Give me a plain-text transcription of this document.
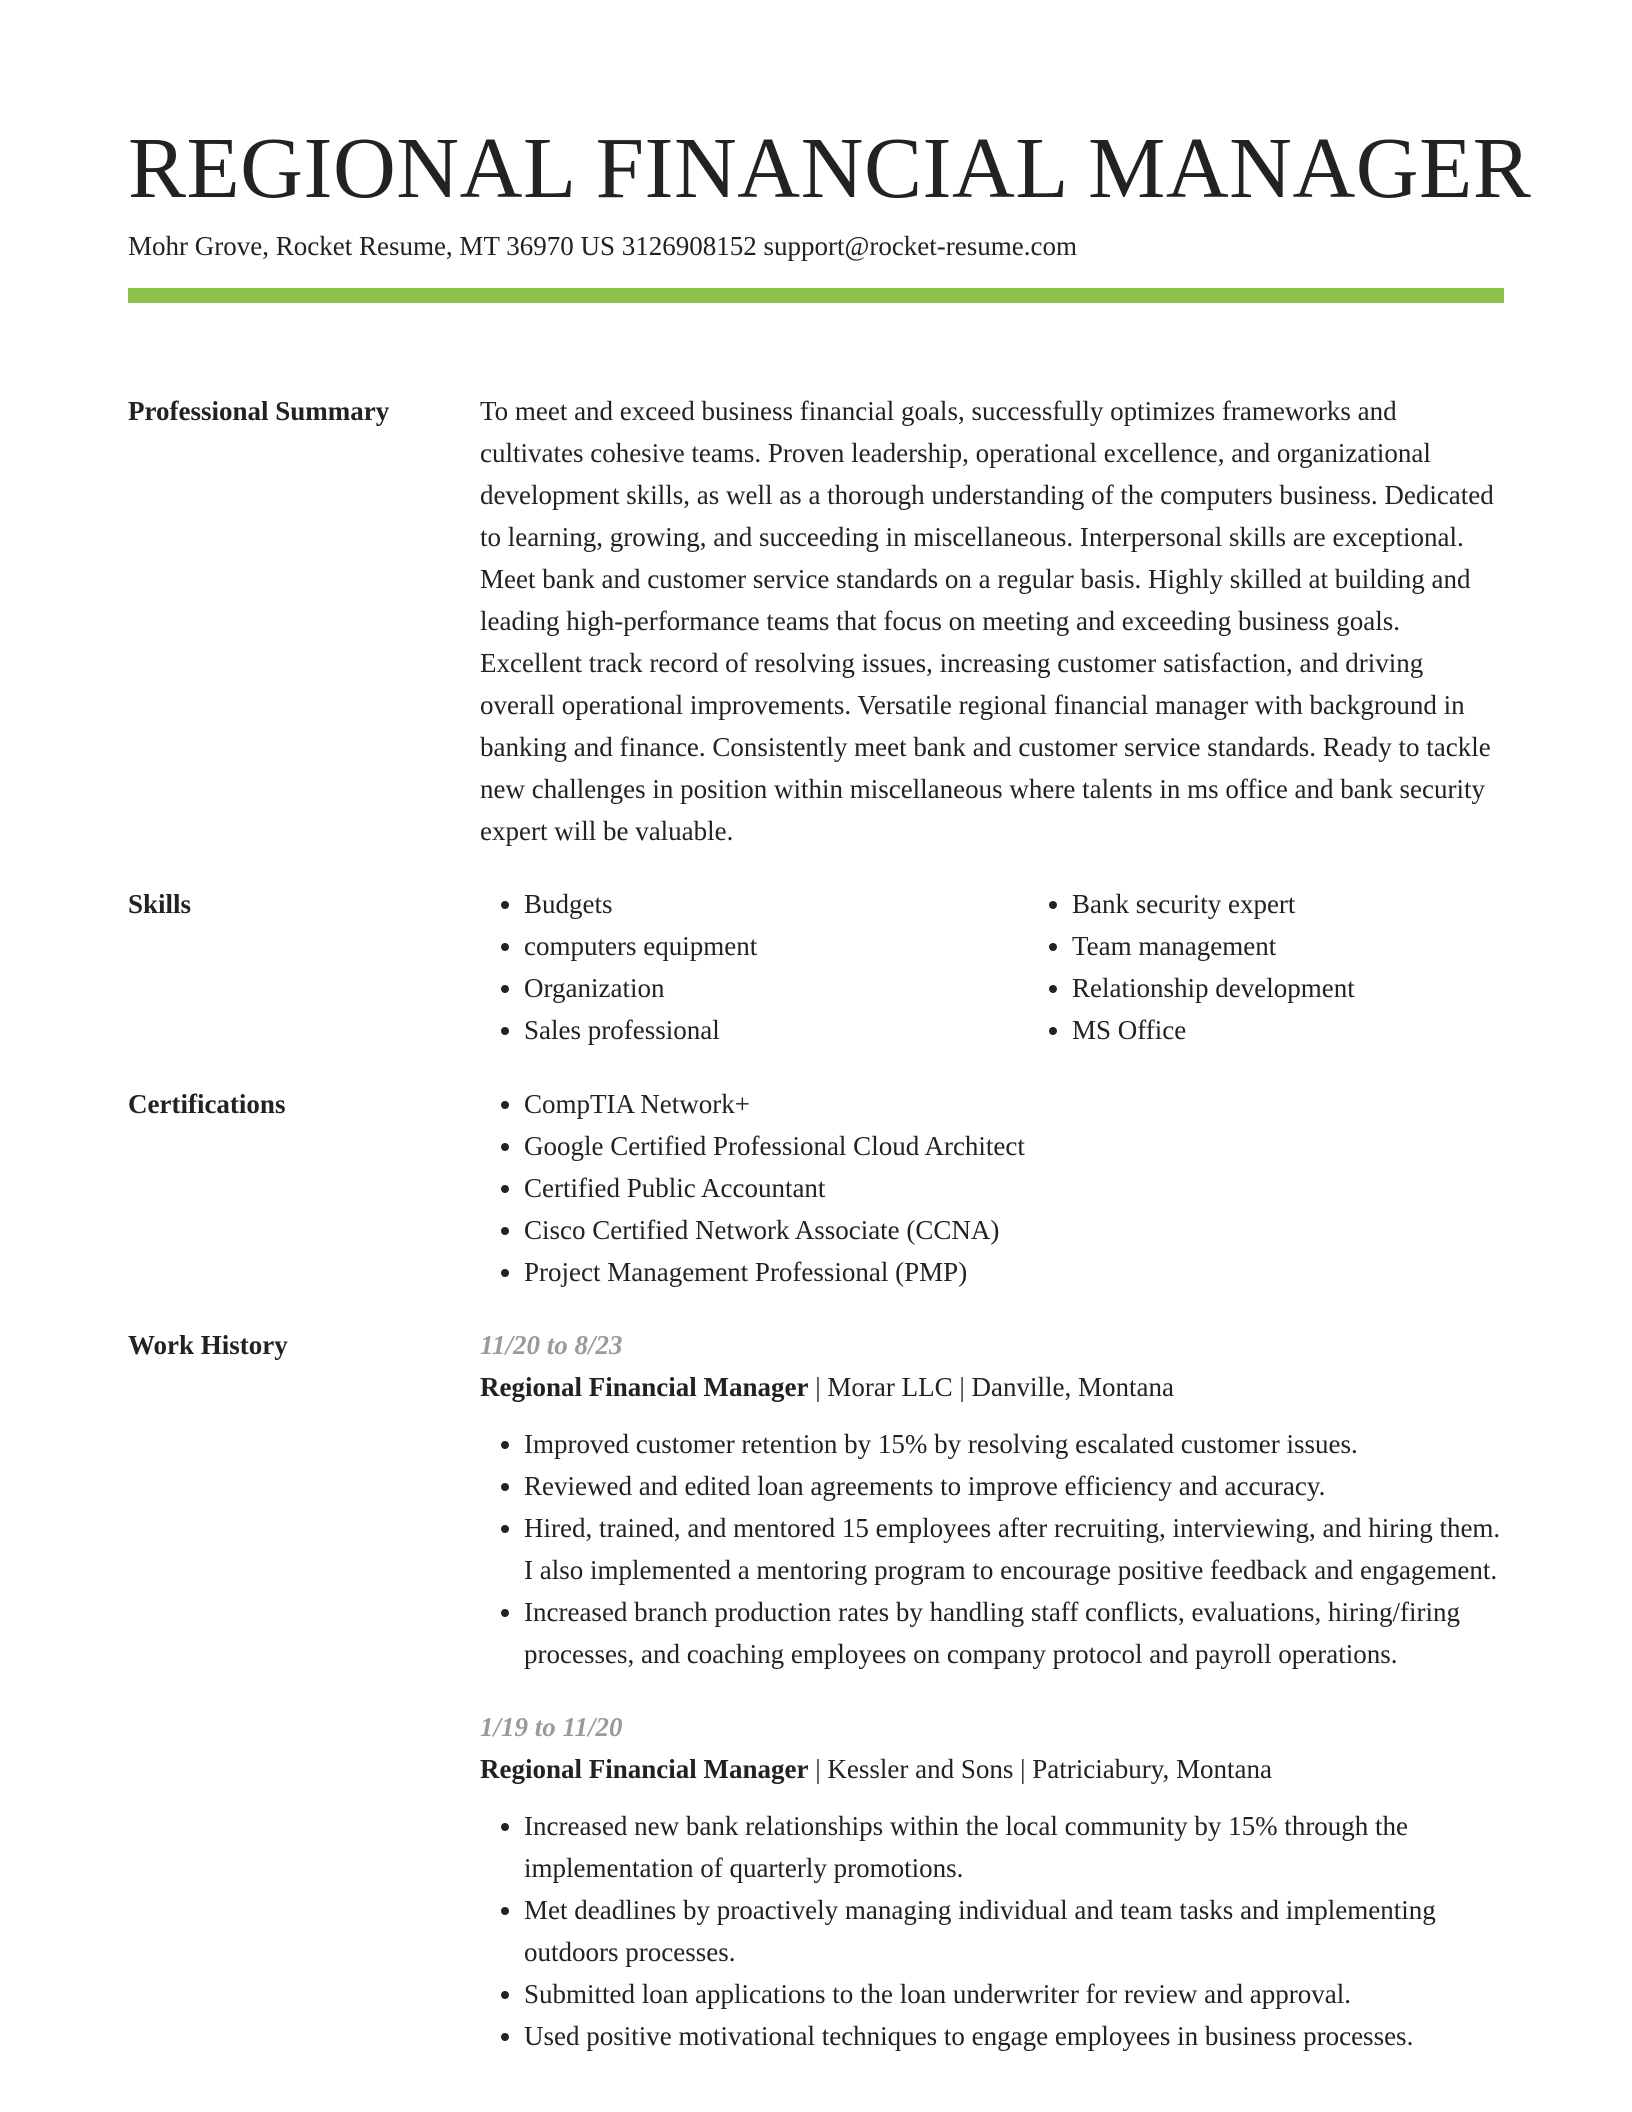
REGIONAL FINANCIAL MANAGER
Mohr Grove, Rocket Resume, MT 36970 US 3126908152 support@rocket-resume.com
Professional Summary	To meet and exceed business financial goals, successfully optimizes frameworks and cultivates cohesive teams. Proven leadership, operational excellence, and organizational development skills, as well as a thorough understanding of the computers business. Dedicated to learning, growing, and succeeding in miscellaneous. Interpersonal skills are exceptional. Meet bank and customer service standards on a regular basis. Highly skilled at building and leading high-performance teams that focus on meeting and exceeding business goals. Excellent track record of resolving issues, increasing customer satisfaction, and driving overall operational improvements. Versatile regional financial manager with background in banking and finance. Consistently meet bank and customer service standards. Ready to tackle new challenges in position within miscellaneous where talents in ms office and bank security expert will be valuable.

Skills	• Budgets
• computers equipment
• Organization
• Sales professional
• Bank security expert
• Team management
• Relationship development
• MS Office
Certifications	• CompTIA Network+
• Google Certified Professional Cloud Architect
• Certified Public Accountant
• Cisco Certified Network Associate (CCNA)
• Project Management Professional (PMP)
Work History	11/20 to 8/23
Regional Financial Manager | Morar LLC | Danville, Montana
• Improved customer retention by 15% by resolving escalated customer issues.
• Reviewed and edited loan agreements to improve efficiency and accuracy.
• Hired, trained, and mentored 15 employees after recruiting, interviewing, and hiring them. I also implemented a mentoring program to encourage positive feedback and engagement.
• Increased branch production rates by handling staff conflicts, evaluations, hiring/firing processes, and coaching employees on company protocol and payroll operations.
1/19 to 11/20
Regional Financial Manager | Kessler and Sons | Patriciabury, Montana
• Increased new bank relationships within the local community by 15% through the implementation of quarterly promotions.
• Met deadlines by proactively managing individual and team tasks and implementing outdoors processes.
• Submitted loan applications to the loan underwriter for review and approval.
• Used positive motivational techniques to engage employees in business processes.
